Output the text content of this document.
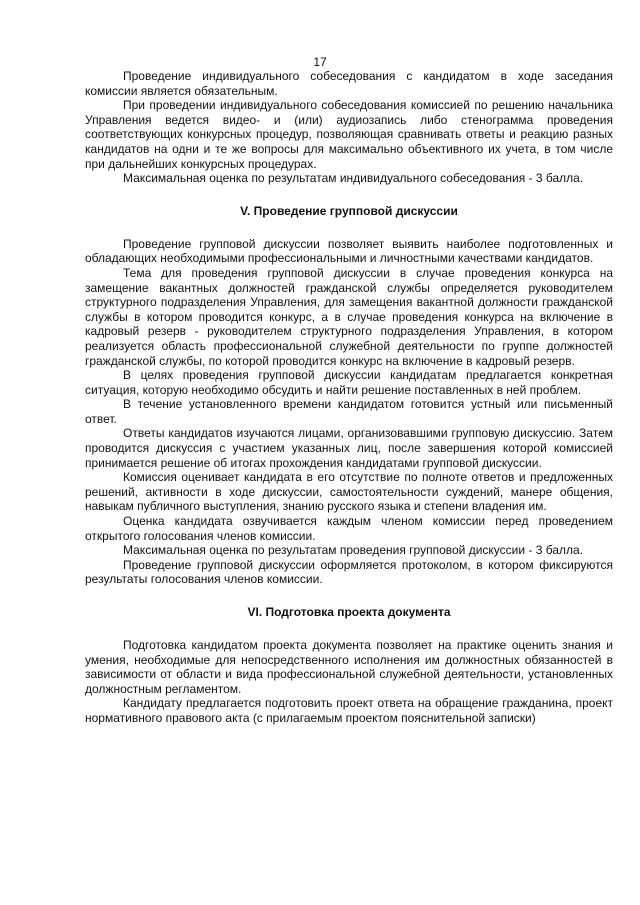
17

Проведение индивидуального собеседования с кандидатом в ходе заседания комиссии является обязательным.

При проведении индивидуального собеседования комиссией по решению начальника Управления ведется видео- и (или) аудиозапись либо стенограмма проведения соответствующих конкурсных процедур, позволяющая сравнивать ответы и реакцию разных кандидатов на одни и те же вопросы для максимально объективного их учета, в том числе при дальнейших конкурсных процедурах.

Максимальная оценка по результатам индивидуального собеседования - 3 балла.

V. Проведение групповой дискуссии

Проведение групповой дискуссии позволяет выявить наиболее подготовленных и обладающих необходимыми профессиональными и личностными качествами кандидатов.

Тема для проведения групповой дискуссии в случае проведения конкурса на замещение вакантных должностей гражданской службы определяется руководителем структурного подразделения Управления, для замещения вакантной должности гражданской службы в котором проводится конкурс, а в случае проведения конкурса на включение в кадровый резерв - руководителем структурного подразделения Управления, в котором реализуется область профессиональной служебной деятельности по группе должностей гражданской службы, по которой проводится конкурс на включение в кадровый резерв.

В целях проведения групповой дискуссии кандидатам предлагается конкретная ситуация, которую необходимо обсудить и найти решение поставленных в ней проблем.

В течение установленного времени кандидатом готовится устный или письменный ответ.

Ответы кандидатов изучаются лицами, организовавшими групповую дискуссию. Затем проводится дискуссия с участием указанных лиц, после завершения которой комиссией принимается решение об итогах прохождения кандидатами групповой дискуссии.

Комиссия оценивает кандидата в его отсутствие по полноте ответов и предложенных решений, активности в ходе дискуссии, самостоятельности суждений, манере общения, навыкам публичного выступления, знанию русского языка и степени владения им.

Оценка кандидата озвучивается каждым членом комиссии перед проведением открытого голосования членов комиссии.

Максимальная оценка по результатам проведения групповой дискуссии - 3 балла.

Проведение групповой дискуссии оформляется протоколом, в котором фиксируются результаты голосования членов комиссии.

VI. Подготовка проекта документа

Подготовка кандидатом проекта документа позволяет на практике оценить знания и умения, необходимые для непосредственного исполнения им должностных обязанностей в зависимости от области и вида профессиональной служебной деятельности, установленных должностным регламентом.

Кандидату предлагается подготовить проект ответа на обращение гражданина, проект нормативного правового акта (с прилагаемым проектом пояснительной записки)
